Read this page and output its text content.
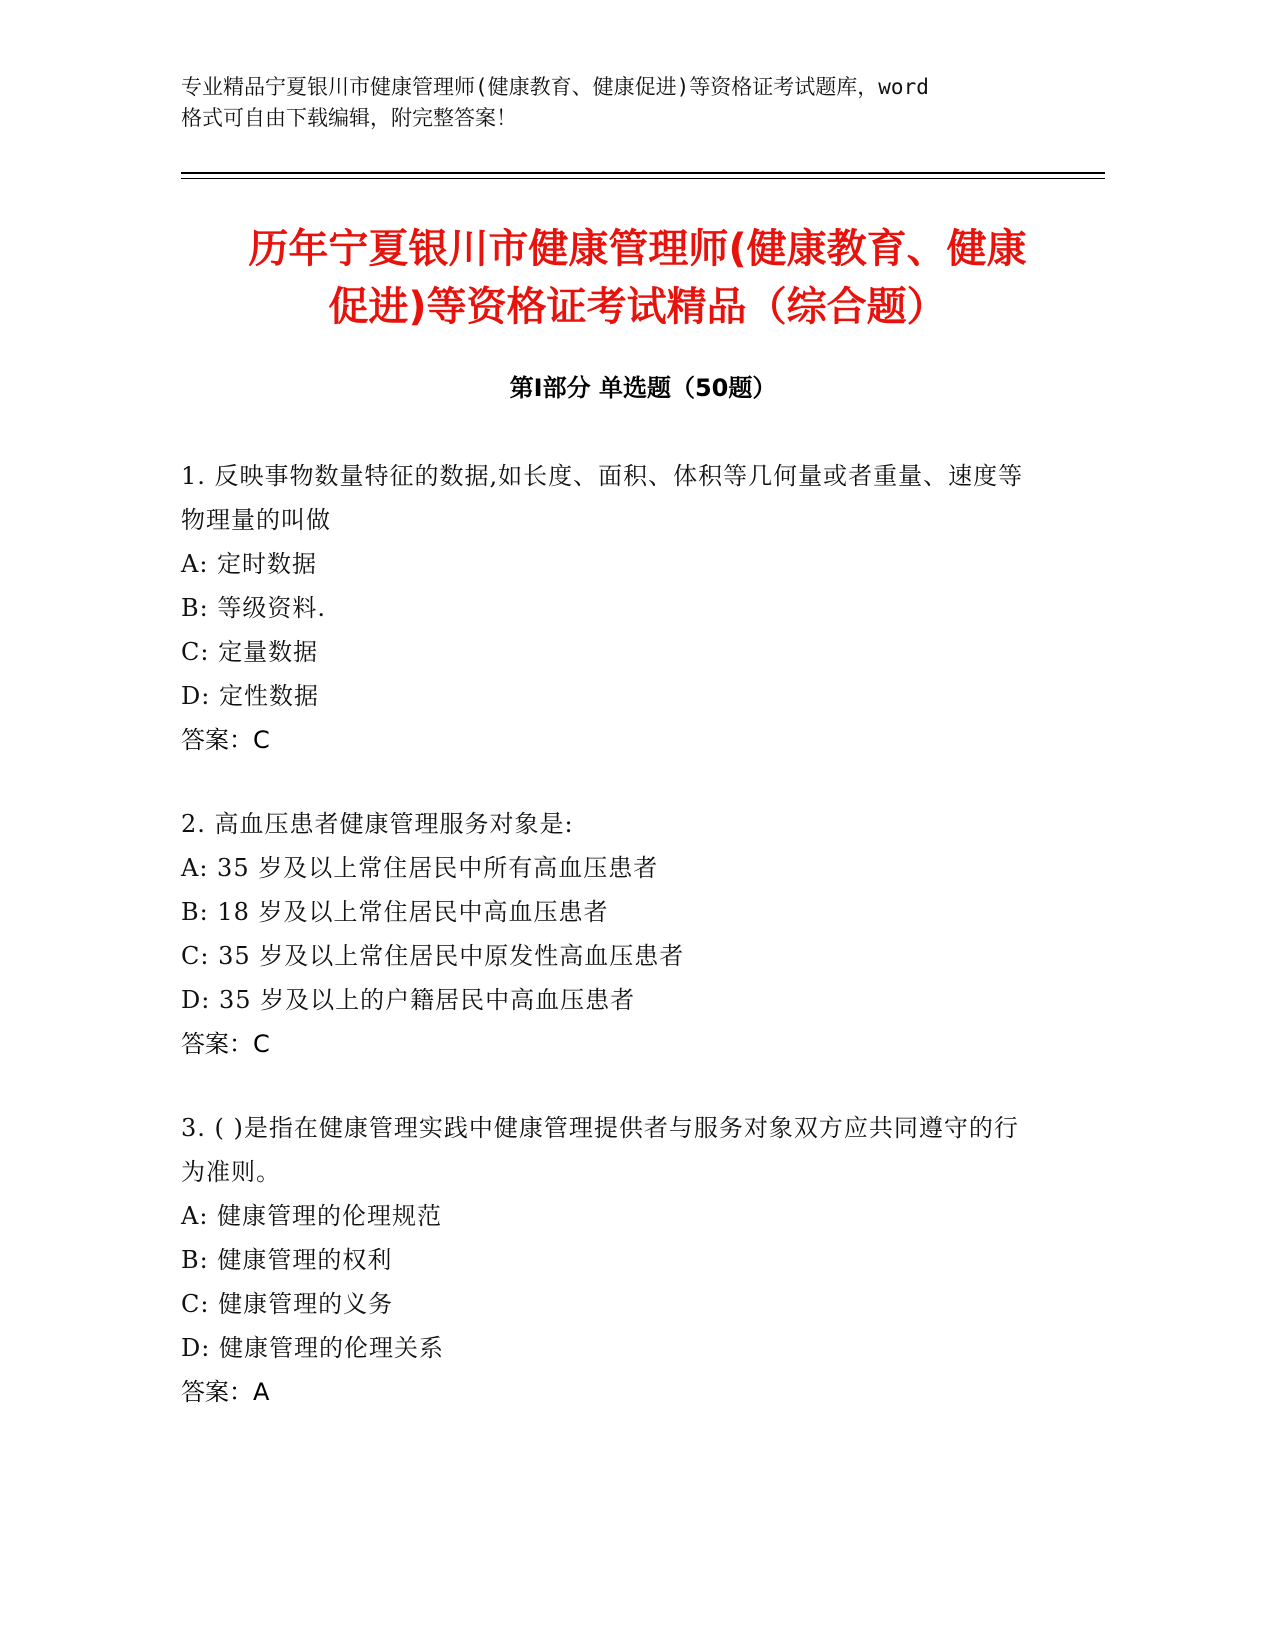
专业精品宁夏银川市健康管理师(健康教育、健康促进)等资格证考试题库，word
格式可自由下载编辑，附完整答案！
历年宁夏银川市健康管理师(健康教育、健康
促进)等资格证考试精品（综合题）
第Ⅰ部分 单选题（50题）
1. 反映事物数量特征的数据,如长度、面积、体积等几何量或者重量、速度等物理量的叫做
A: 定时数据
B: 等级资料.
C: 定量数据
D: 定性数据
答案：C
2. 高血压患者健康管理服务对象是:
A: 35 岁及以上常住居民中所有高血压患者
B: 18 岁及以上常住居民中高血压患者
C: 35 岁及以上常住居民中原发性高血压患者
D: 35 岁及以上的户籍居民中高血压患者
答案：C
3. ( )是指在健康管理实践中健康管理提供者与服务对象双方应共同遵守的行为准则。
A: 健康管理的伦理规范
B: 健康管理的权利
C: 健康管理的义务
D: 健康管理的伦理关系
答案：A
